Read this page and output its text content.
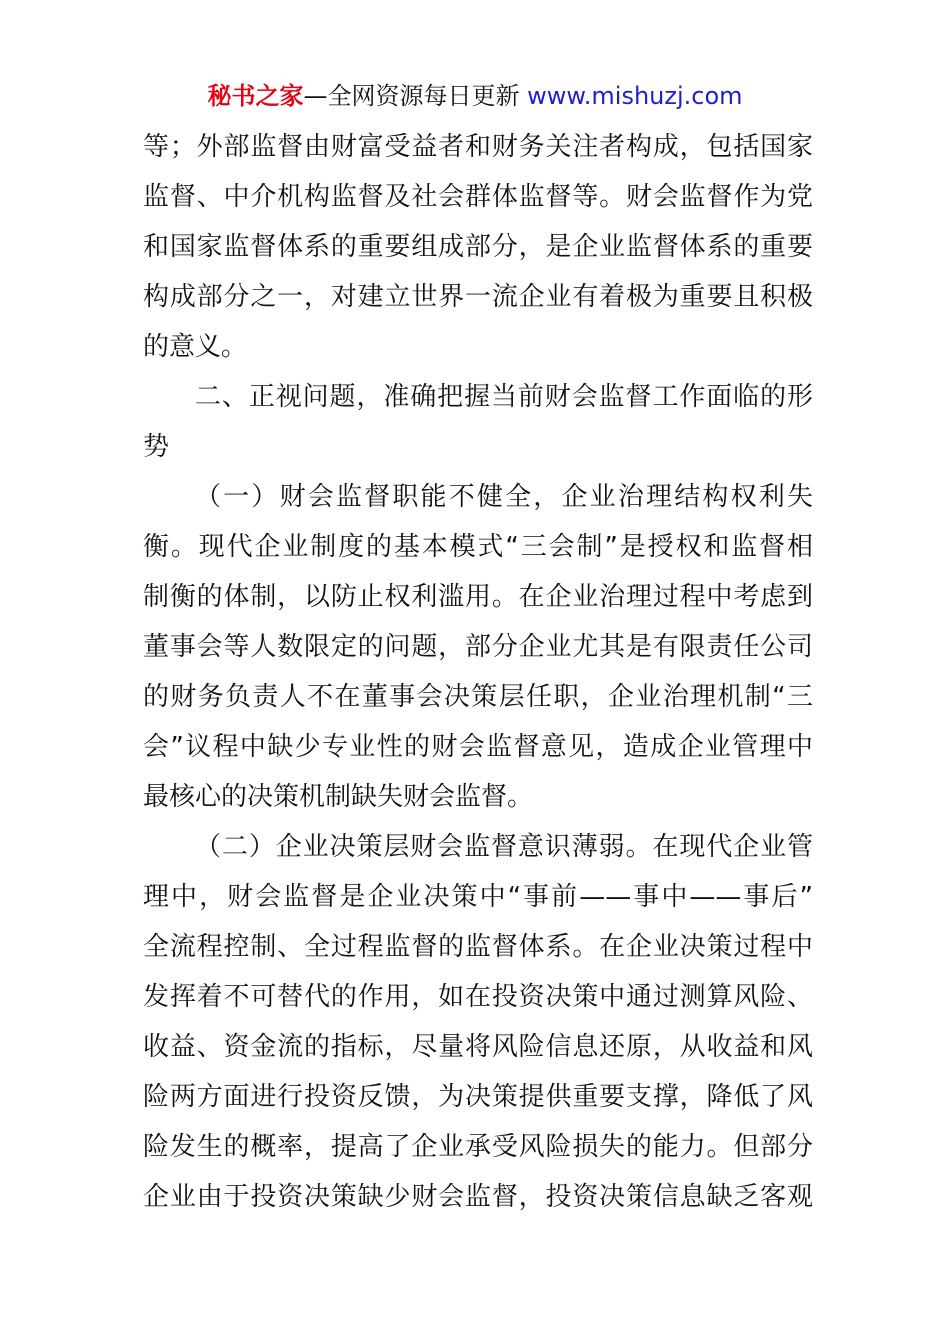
秘书之家—全网资源每日更新 www.mishuzj.com
等；外部监督由财富受益者和财务关注者构成，包括国家
监督、中介机构监督及社会群体监督等。财会监督作为党
和国家监督体系的重要组成部分，是企业监督体系的重要
构成部分之一，对建立世界一流企业有着极为重要且积极
的意义。
二、正视问题，准确把握当前财会监督工作面临的形
势
（一）财会监督职能不健全，企业治理结构权利失
衡。现代企业制度的基本模式“三会制”是授权和监督相
制衡的体制，以防止权利滥用。在企业治理过程中考虑到
董事会等人数限定的问题，部分企业尤其是有限责任公司
的财务负责人不在董事会决策层任职，企业治理机制“三
会”议程中缺少专业性的财会监督意见，造成企业管理中
最核心的决策机制缺失财会监督。
（二）企业决策层财会监督意识薄弱。在现代企业管
理中，财会监督是企业决策中“事前——事中——事后”
全流程控制、全过程监督的监督体系。在企业决策过程中
发挥着不可替代的作用，如在投资决策中通过测算风险、
收益、资金流的指标，尽量将风险信息还原，从收益和风
险两方面进行投资反馈，为决策提供重要支撑，降低了风
险发生的概率，提高了企业承受风险损失的能力。但部分
企业由于投资决策缺少财会监督，投资决策信息缺乏客观
